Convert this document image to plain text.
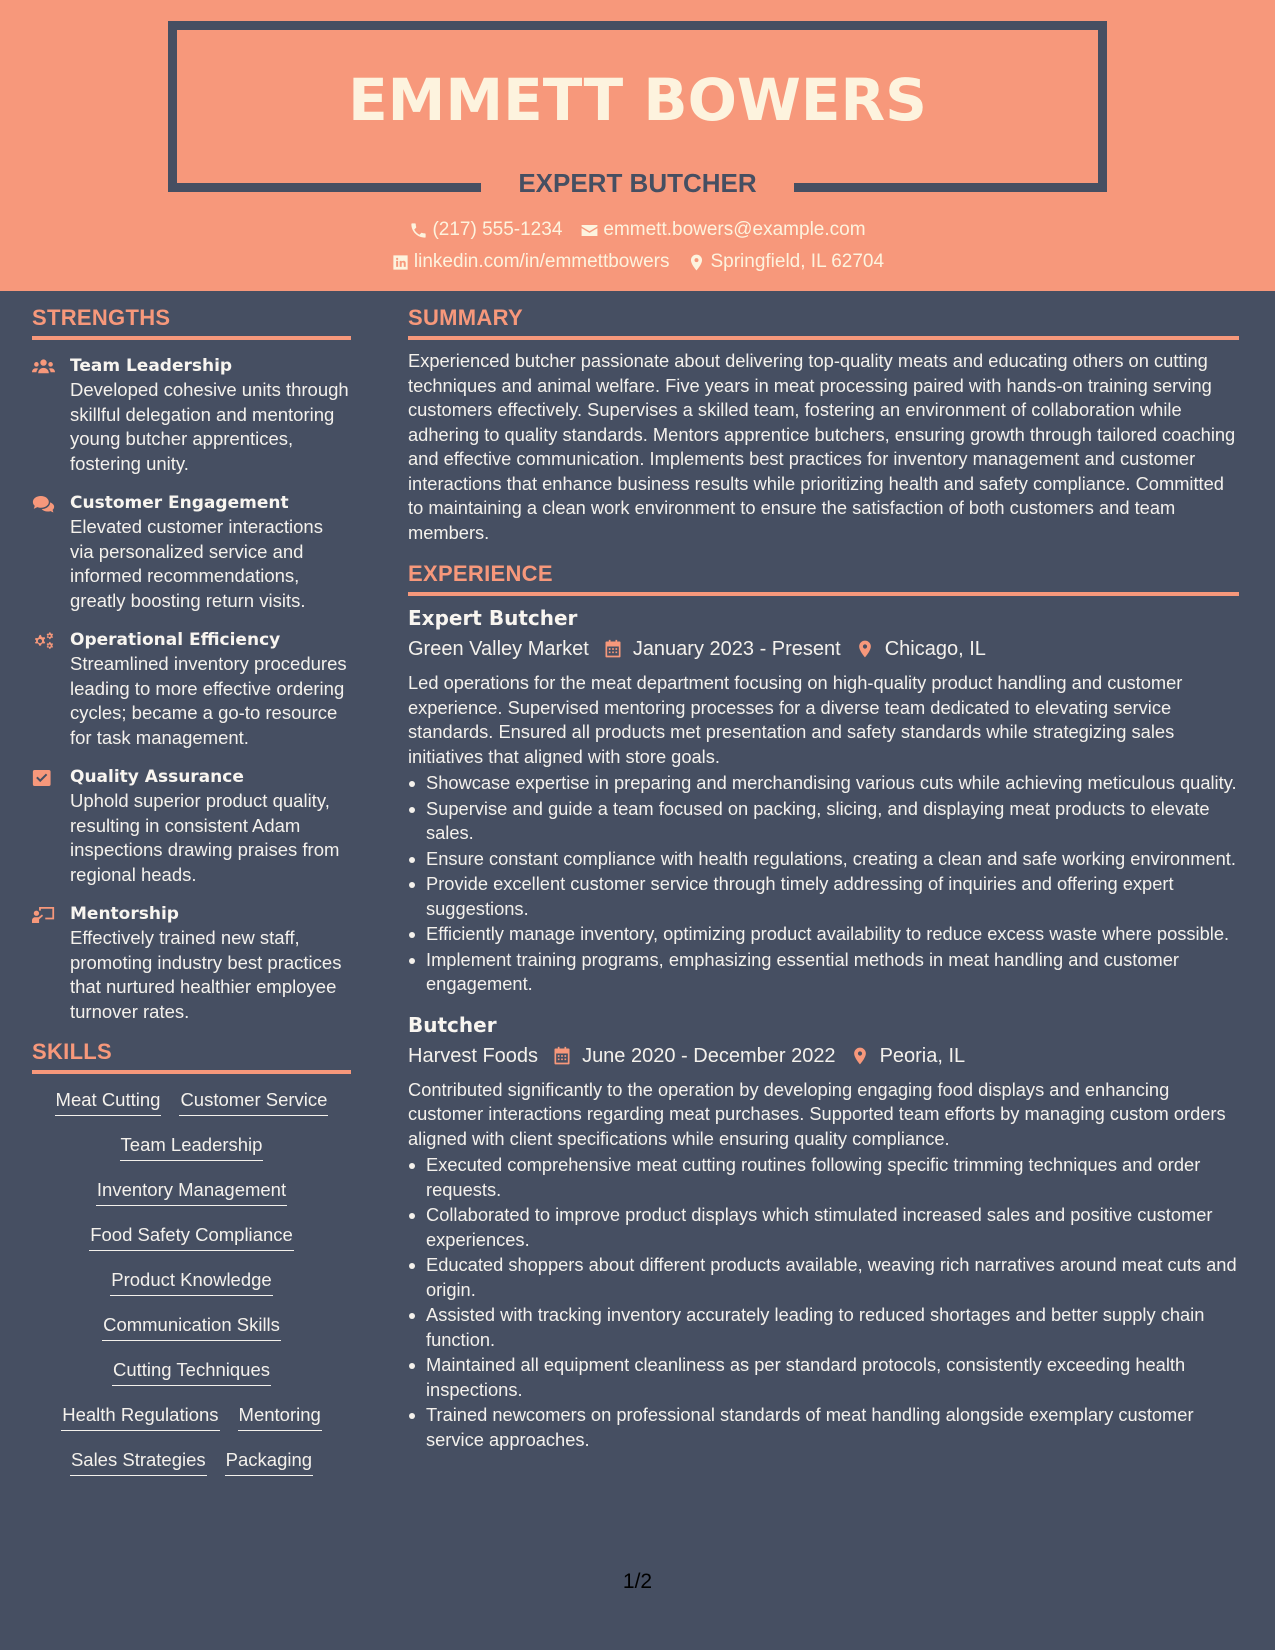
EMMETT BOWERS
EXPERT BUTCHER
(217) 555-1234 emmett.bowers@example.com
linkedin.com/in/emmettbowers Springfield, IL 62704
STRENGTHS
Team Leadership
Developed cohesive units through skillful delegation and mentoring young butcher apprentices, fostering unity.
Customer Engagement
Elevated customer interactions via personalized service and informed recommendations, greatly boosting return visits.
Operational Efficiency
Streamlined inventory procedures leading to more effective ordering cycles; became a go-to resource for task management.
Quality Assurance
Uphold superior product quality, resulting in consistent Adam inspections drawing praises from regional heads.
Mentorship
Effectively trained new staff, promoting industry best practices that nurtured healthier employee turnover rates.
SKILLS
Meat Cutting Customer Service
Team Leadership
Inventory Management
Food Safety Compliance
Product Knowledge
Communication Skills
Cutting Techniques
Health Regulations Mentoring
Sales Strategies Packaging
SUMMARY
Experienced butcher passionate about delivering top-quality meats and educating others on cutting techniques and animal welfare. Five years in meat processing paired with hands-on training serving customers effectively. Supervises a skilled team, fostering an environment of collaboration while adhering to quality standards. Mentors apprentice butchers, ensuring growth through tailored coaching and effective communication. Implements best practices for inventory management and customer interactions that enhance business results while prioritizing health and safety compliance. Committed to maintaining a clean work environment to ensure the satisfaction of both customers and team members.
EXPERIENCE
Expert Butcher
Green Valley Market January 2023 - Present Chicago, IL
Led operations for the meat department focusing on high-quality product handling and customer experience. Supervised mentoring processes for a diverse team dedicated to elevating service standards. Ensured all products met presentation and safety standards while strategizing sales initiatives that aligned with store goals.
Showcase expertise in preparing and merchandising various cuts while achieving meticulous quality.
Supervise and guide a team focused on packing, slicing, and displaying meat products to elevate sales.
Ensure constant compliance with health regulations, creating a clean and safe working environment.
Provide excellent customer service through timely addressing of inquiries and offering expert suggestions.
Efficiently manage inventory, optimizing product availability to reduce excess waste where possible.
Implement training programs, emphasizing essential methods in meat handling and customer engagement.
Butcher
Harvest Foods June 2020 - December 2022 Peoria, IL
Contributed significantly to the operation by developing engaging food displays and enhancing customer interactions regarding meat purchases. Supported team efforts by managing custom orders aligned with client specifications while ensuring quality compliance.
Executed comprehensive meat cutting routines following specific trimming techniques and order requests.
Collaborated to improve product displays which stimulated increased sales and positive customer experiences.
Educated shoppers about different products available, weaving rich narratives around meat cuts and origin.
Assisted with tracking inventory accurately leading to reduced shortages and better supply chain function.
Maintained all equipment cleanliness as per standard protocols, consistently exceeding health inspections.
Trained newcomers on professional standards of meat handling alongside exemplary customer service approaches.
1/2
